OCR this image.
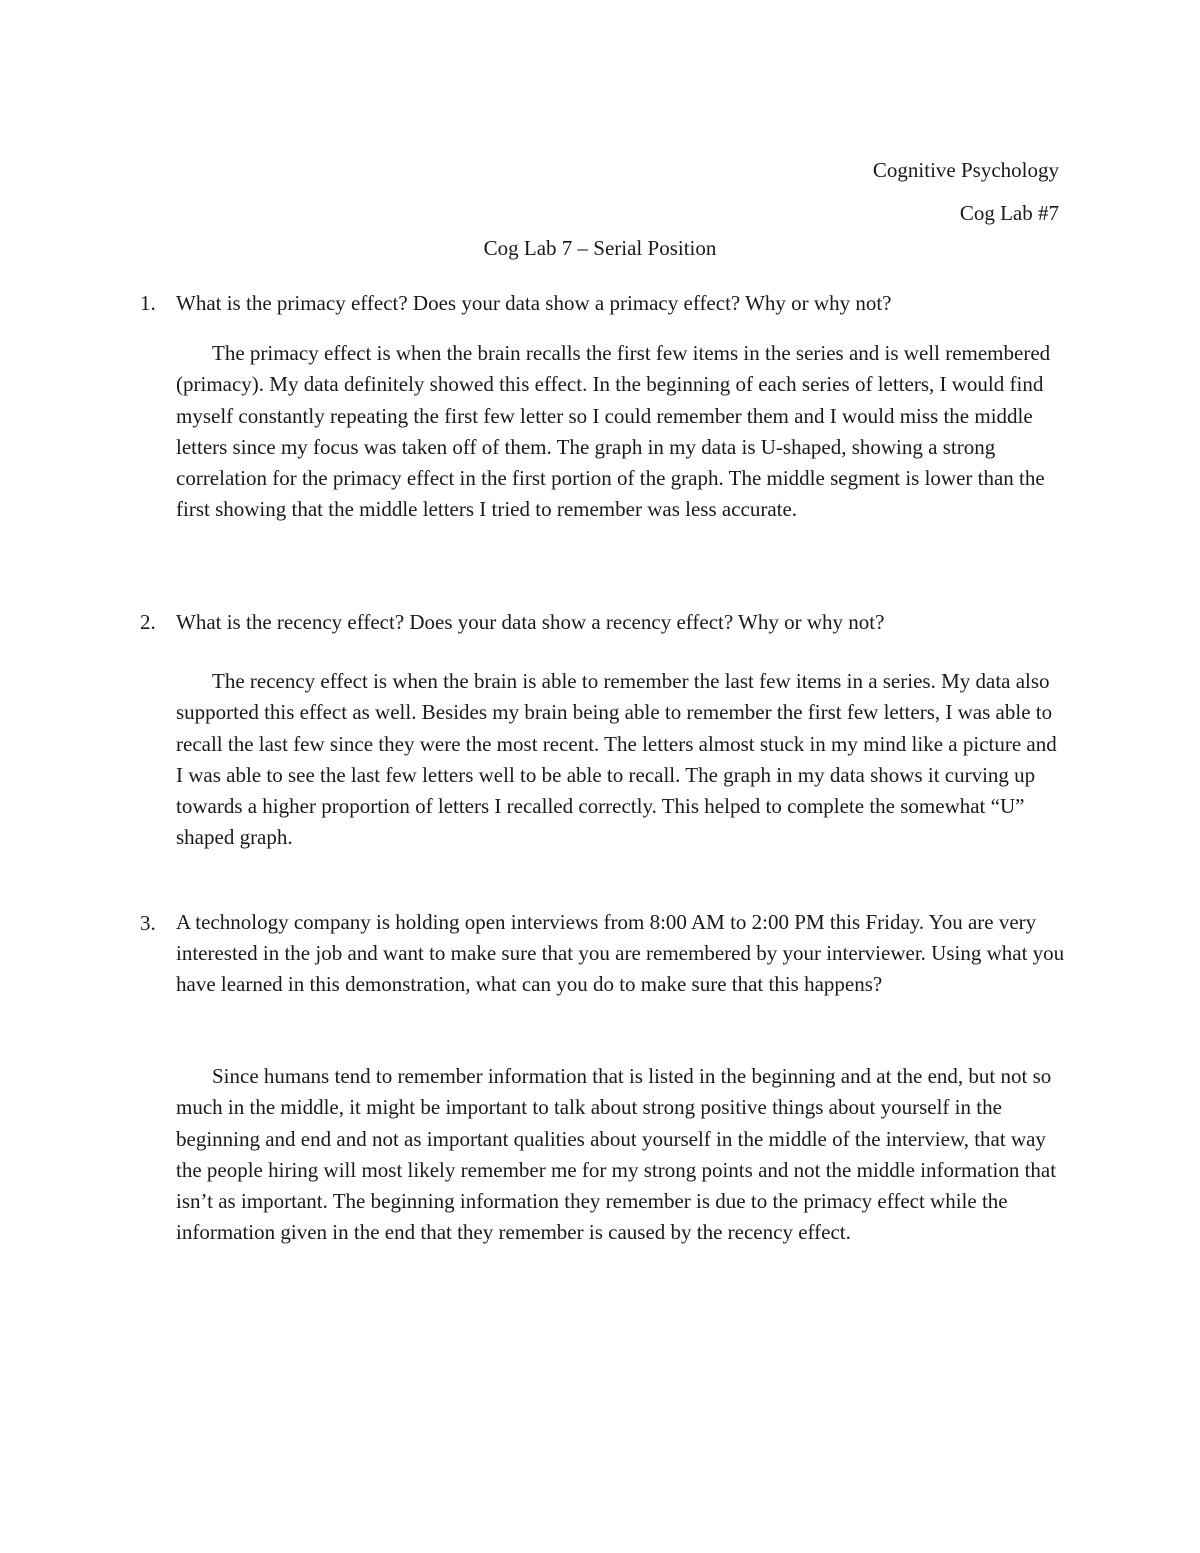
Cognitive Psychology
Cog Lab #7
Cog Lab 7 – Serial Position
1. What is the primacy effect? Does your data show a primacy effect? Why or why not?

The primacy effect is when the brain recalls the first few items in the series and is well remembered (primacy). My data definitely showed this effect. In the beginning of each series of letters, I would find myself constantly repeating the first few letter so I could remember them and I would miss the middle letters since my focus was taken off of them. The graph in my data is U-shaped, showing a strong correlation for the primacy effect in the first portion of the graph. The middle segment is lower than the first showing that the middle letters I tried to remember was less accurate.

2. What is the recency effect? Does your data show a recency effect? Why or why not?

The recency effect is when the brain is able to remember the last few items in a series. My data also supported this effect as well. Besides my brain being able to remember the first few letters, I was able to recall the last few since they were the most recent. The letters almost stuck in my mind like a picture and I was able to see the last few letters well to be able to recall. The graph in my data shows it curving up towards a higher proportion of letters I recalled correctly. This helped to complete the somewhat “U” shaped graph.

3. A technology company is holding open interviews from 8:00 AM to 2:00 PM this Friday. You are very interested in the job and want to make sure that you are remembered by your interviewer. Using what you have learned in this demonstration, what can you do to make sure that this happens?

Since humans tend to remember information that is listed in the beginning and at the end, but not so much in the middle, it might be important to talk about strong positive things about yourself in the beginning and end and not as important qualities about yourself in the middle of the interview, that way the people hiring will most likely remember me for my strong points and not the middle information that isn’t as important. The beginning information they remember is due to the primacy effect while the information given in the end that they remember is caused by the recency effect.
